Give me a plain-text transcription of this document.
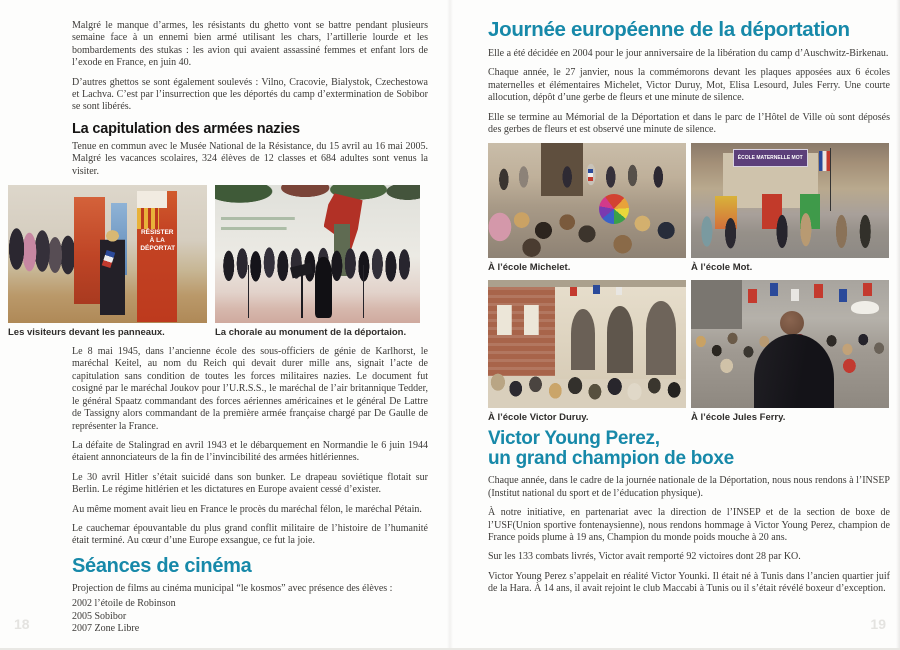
Malgré le manque d’armes, les résistants du ghetto vont se battre pendant plusieurs semaine face à un ennemi bien armé utilisant les chars, l’artillerie lourde et les bombardements des stukas : les avion qui avaient assassiné femmes et enfant lors de l’exode en France, en juin 40.

D’autres ghettos se sont également soulevés : Vilno, Cracovie, Bialystok, Czechestowa et Lachva. C’est par l’insurrection que les déportés du camp d’extermination de Sobibor se sont libérés.

La capitulation des armées nazies

Tenue en commun avec le Musée National de la Résistance, du 15 avril au 16 mai 2005. Malgré les vacances scolaires, 324 élèves de 12 classes et 684 adultes sont venus la visiter.

RÉSISTER À LA DÉPORTAT
Les visiteurs devant les panneaux.	La chorale au monument de la déportaion.

Le 8 mai 1945, dans l’ancienne école des sous-officiers de génie de Karlhorst, le maréchal Keitel, au nom du Reich qui devait durer mille ans, signait l’acte de capitulation sans condition de toutes les forces militaires nazies. Le document fut cosigné par le maréchal Joukov pour l’U.R.S.S., le maréchal de l’air britannique Tedder, le général Spaatz commandant des forces aériennes américaines et le général De Lattre de Tassigny alors commandant de la première armée française chargé par De Gaulle de représenter la France.

La défaite de Stalingrad en avril 1943 et le débarquement en Normandie le 6 juin 1944 étaient annonciateurs de la fin de l’invincibilité des armées hitlériennes.

Le 30 avril Hitler s’était suicidé dans son bunker. Le drapeau soviétique flotait sur Berlin. Le régime hitlérien et les dictatures en Europe avaient cessé d’exister.

Au même moment avait lieu en France le procès du maréchal félon, le maréchal Pétain.

Le cauchemar épouvantable du plus grand conflit militaire de l’histoire de l’humanité était terminé. Au cœur d’une Europe exsangue, ce fut la joie.

Séances de cinéma

Projection de films au cinéma municipal “le kosmos” avec présence des élèves :

2002 l’étoile de Robinson
2005 Sobibor
2007 Zone Libre
18
Journée européenne de la déportation

Elle a été décidée en 2004 pour le jour anniversaire de la libération du camp d’Auschwitz-Birkenau.

Chaque année, le 27 janvier, nous la commémorons devant les plaques apposées aux 6 écoles maternelles et élémentaires Michelet, Victor Duruy, Mot, Elisa Lesourd, Jules Ferry. Une courte allocution, dépôt d’une gerbe de fleurs et une minute de silence.

Elle se termine au Mémorial de la Déportation et dans le parc de l’Hôtel de Ville où sont déposés des gerbes de fleurs et est observé une minute de silence.

À l’école Michelet.
ÉCOLE MATERNELLE MOT
À l’école Mot.
À l’école Victor Duruy.	À l’école Jules Ferry.
Victor Young Perez,
un grand champion de boxe

Chaque année, dans le cadre de la journée nationale de la Déportation, nous nous rendons à l’INSEP (Institut national du sport et de l’éducation physique).

À notre initiative, en partenariat avec la direction de l’INSEP et de la section de boxe de l’USF(Union sportive fontenaysienne), nous rendons hommage à Victor Young Perez, champion de France poids plume à 19 ans, Champion du monde poids mouche à 20 ans.

Sur les 133 combats livrés, Victor avait remporté 92 victoires dont 28 par KO.

Victor Young Perez s’appelait en réalité Victor Younki. Il était né à Tunis dans l’ancien quartier juif de la Hara. À 14 ans, il avait rejoint le club Maccabi à Tunis ou il s’était révélé boxeur d’exception.

19
